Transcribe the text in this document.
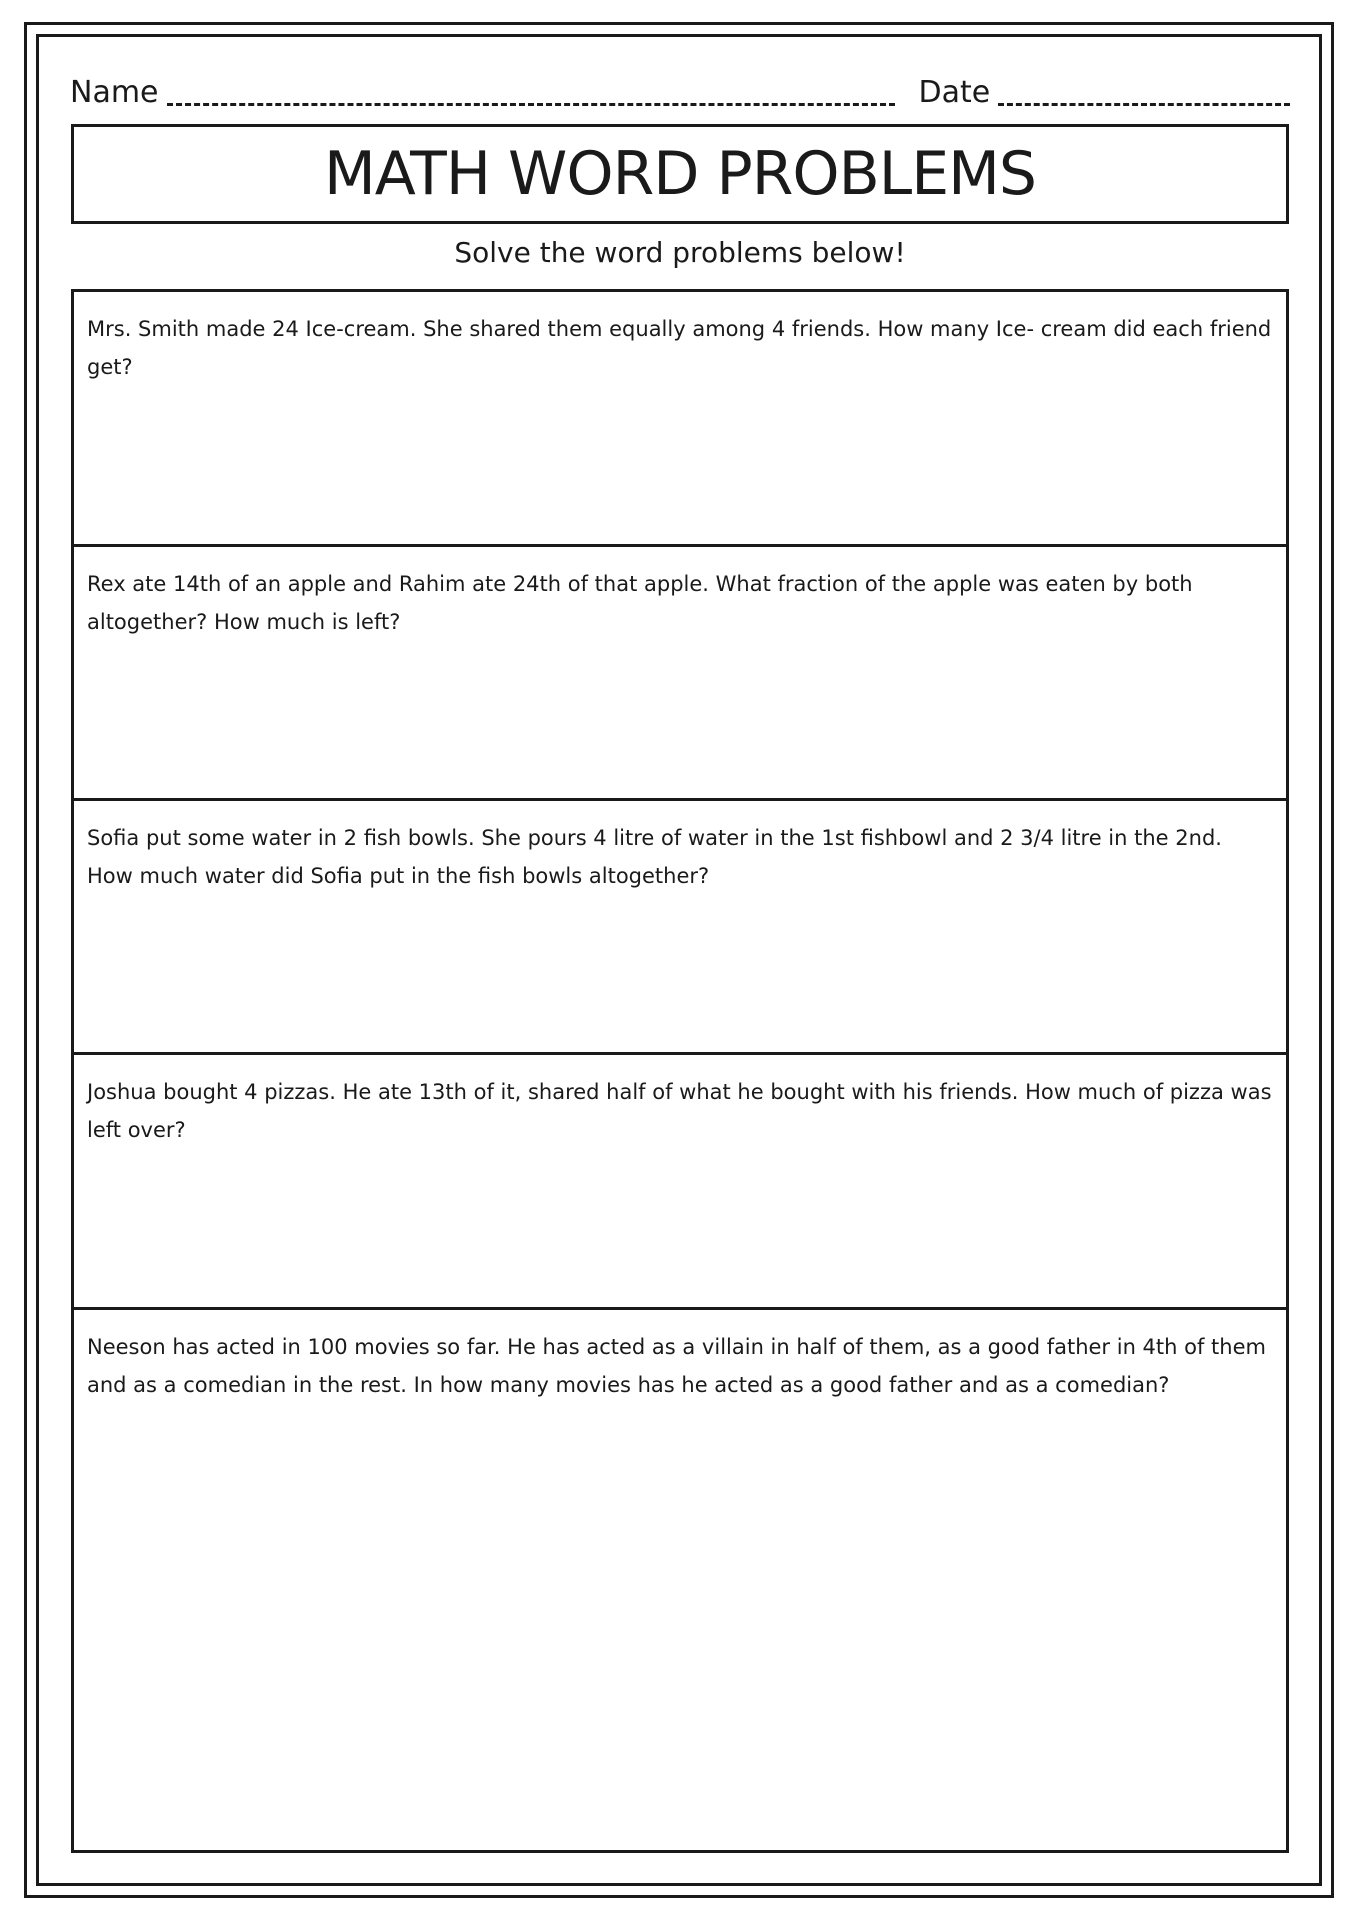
Name	Date
MATH WORD PROBLEMS
Solve the word problems below!
Mrs. Smith made 24 Ice-cream. She shared them equally among 4 friends. How many Ice- cream did each friend get?
Rex ate 14th of an apple and Rahim ate 24th of that apple. What fraction of the apple was eaten by both altogether? How much is left?
Sofia put some water in 2 fish bowls. She pours 4 litre of water in the 1st fishbowl and 2 3/4 litre in the 2nd. How much water did Sofia put in the fish bowls altogether?
Joshua bought 4 pizzas. He ate 13th of it, shared half of what he bought with his friends. How much of pizza was left over?
Neeson has acted in 100 movies so far. He has acted as a villain in half of them, as a good father in 4th of them and as a comedian in the rest. In how many movies has he acted as a good father and as a comedian?
